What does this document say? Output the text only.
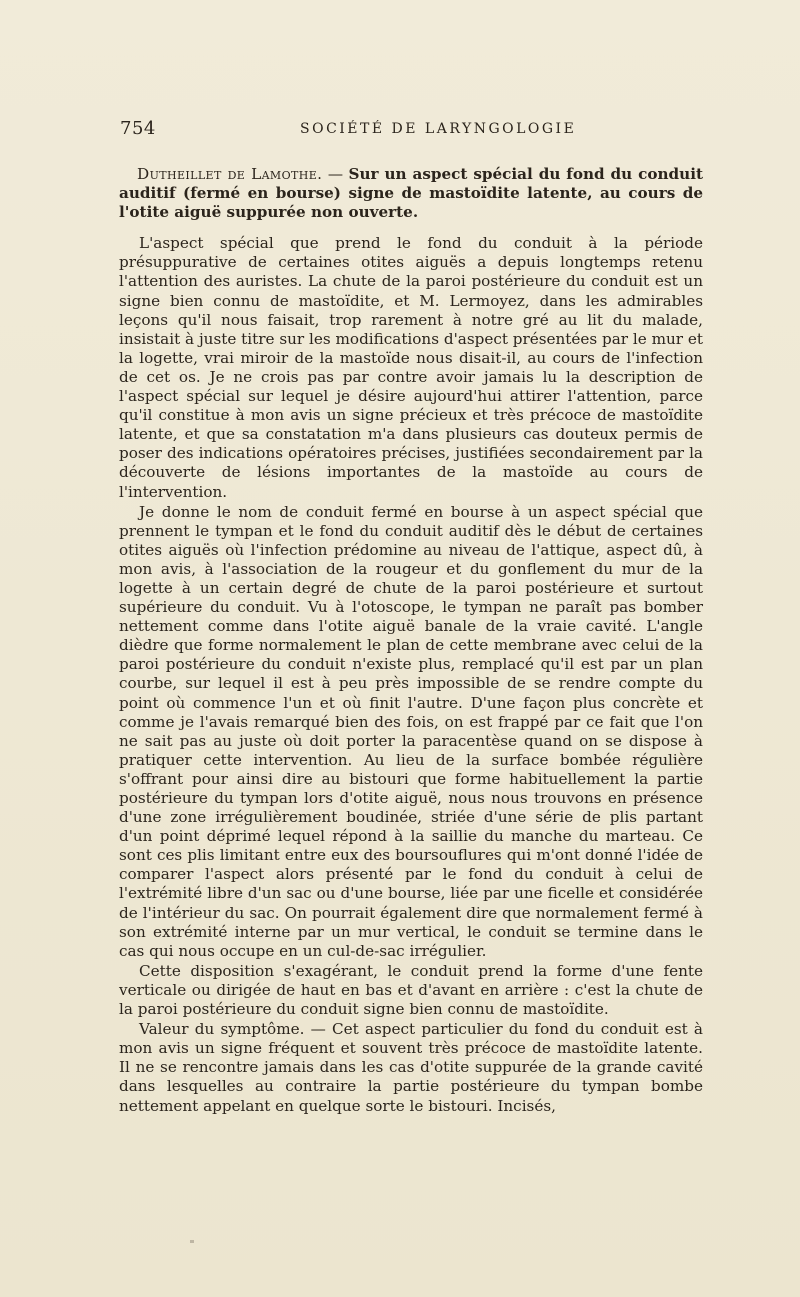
754	SOCIÉTÉ DE LARYNGOLOGIE

Dutheillet de Lamothe. — Sur un aspect spécial du fond du conduit auditif (fermé en bourse) signe de mastoïdite latente, au cours de l'otite aiguë suppurée non ouverte.

L'aspect spécial que prend le fond du conduit à la période présuppurative de certaines otites aiguës a depuis longtemps retenu l'attention des auristes. La chute de la paroi postérieure du conduit est un signe bien connu de mastoïdite, et M. Lermoyez, dans les admirables leçons qu'il nous faisait, trop rarement à notre gré au lit du malade, insistait à juste titre sur les modifications d'aspect présentées par le mur et la logette, vrai miroir de la mastoïde nous disait-il, au cours de l'infection de cet os. Je ne crois pas par contre avoir jamais lu la description de l'aspect spécial sur lequel je désire aujourd'hui attirer l'attention, parce qu'il constitue à mon avis un signe précieux et très précoce de mastoïdite latente, et que sa constatation m'a dans plusieurs cas douteux permis de poser des indications opératoires précises, justifiées secondairement par la découverte de lésions importantes de la mastoïde au cours de l'intervention.

Je donne le nom de conduit fermé en bourse à un aspect spécial que prennent le tympan et le fond du conduit auditif dès le début de certaines otites aiguës où l'infection prédomine au niveau de l'attique, aspect dû, à mon avis, à l'association de la rougeur et du gonflement du mur de la logette à un certain degré de chute de la paroi postérieure et surtout supérieure du conduit. Vu à l'otoscope, le tympan ne paraît pas bomber nettement comme dans l'otite aiguë banale de la vraie cavité. L'angle dièdre que forme normalement le plan de cette membrane avec celui de la paroi postérieure du conduit n'existe plus, remplacé qu'il est par un plan courbe, sur lequel il est à peu près impossible de se rendre compte du point où commence l'un et où finit l'autre. D'une façon plus concrète et comme je l'avais remarqué bien des fois, on est frappé par ce fait que l'on ne sait pas au juste où doit porter la paracentèse quand on se dispose à pratiquer cette intervention. Au lieu de la surface bombée régulière s'offrant pour ainsi dire au bistouri que forme habituellement la partie postérieure du tympan lors d'otite aiguë, nous nous trouvons en présence d'une zone irrégulièrement boudinée, striée d'une série de plis partant d'un point déprimé lequel répond à la saillie du manche du marteau. Ce sont ces plis limitant entre eux des boursouflures qui m'ont donné l'idée de comparer l'aspect alors présenté par le fond du conduit à celui de l'extrémité libre d'un sac ou d'une bourse, liée par une ficelle et considérée de l'intérieur du sac. On pourrait également dire que normalement fermé à son extrémité interne par un mur vertical, le conduit se termine dans le cas qui nous occupe en un cul-de-sac irrégulier.

Cette disposition s'exagérant, le conduit prend la forme d'une fente verticale ou dirigée de haut en bas et d'avant en arrière : c'est la chute de la paroi postérieure du conduit signe bien connu de mastoïdite.

Valeur du symptôme. — Cet aspect particulier du fond du conduit est à mon avis un signe fréquent et souvent très précoce de mastoïdite latente. Il ne se rencontre jamais dans les cas d'otite suppurée de la grande cavité dans lesquelles au contraire la partie postérieure du tympan bombe nettement appelant en quelque sorte le bistouri. Incisés,
